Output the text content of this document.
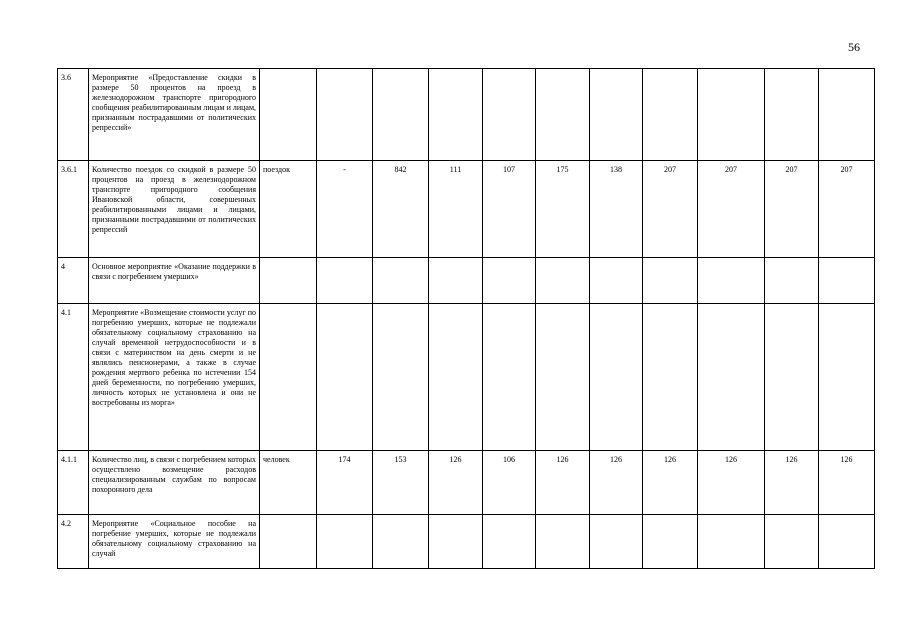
56
3.6	Мероприятие «Предоставление скидки в размере 50 процентов на проезд в железнодорожном транспорте пригородного сообщения реабилитированным лицам и лицам, признанным пострадавшими от политических репрессий»											
3.6.1	Количество поездок со скидкой в размере 50 процентов на проезд в железнодорожном транспорте пригородного сообщения Ивановской области, совершенных реабилитированными лицами и лицами, признанными пострадавшими от политических репрессий	поездок	-	842	111	107	175	138	207	207	207	207
4	Основное мероприятие «Оказание поддержки в связи с погребением умерших»											
4.1	Мероприятие «Возмещение стоимости услуг по погребению умерших, которые не подлежали обязательному социальному страхованию на случай временной нетрудоспособности и в связи с материнством на день смерти и не являлись пенсионерами, а также в случае рождения мертвого ребенка по истечении 154 дней беременности, по погребению умерших, личность которых не установлена и они не востребованы из морга»											
4.1.1	Количество лиц, в связи с погребением которых осуществлено возмещение расходов специализированным службам по вопросам похоронного дела	человек	174	153	126	106	126	126	126	126	126	126
4.2	Мероприятие «Социальное пособие на погребение умерших, которые не подлежали обязательному социальному страхованию на случай											
